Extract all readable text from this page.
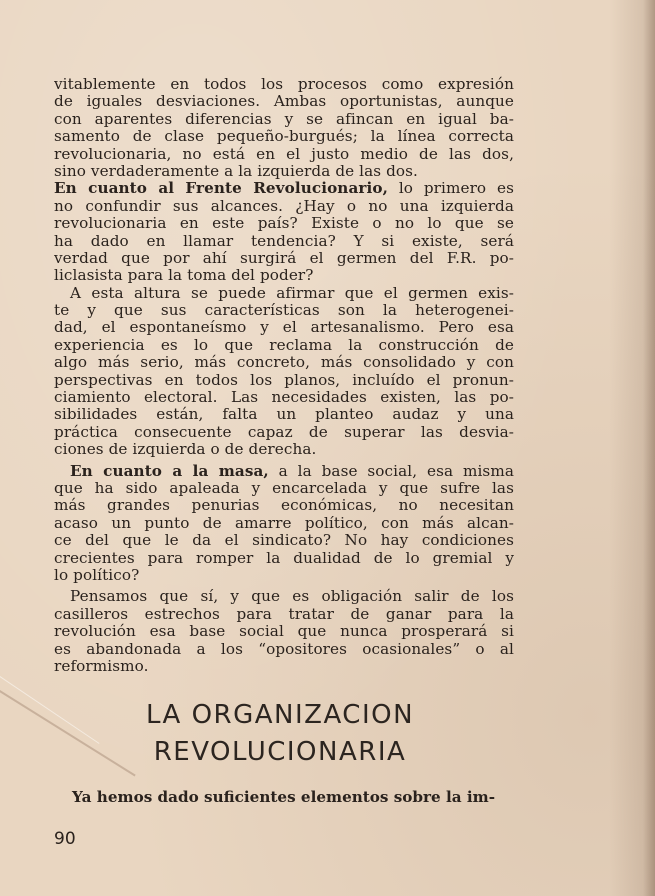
vitablemente en todos los procesos como expresión
de iguales desviaciones. Ambas oportunistas, aunque
con aparentes diferencias y se afincan en igual ba-
samento de clase pequeño-burgués; la línea correcta
revolucionaria, no está en el justo medio de las dos,
sino verdaderamente a la izquierda de las dos.
En cuanto al Frente Revolucionario, lo primero es
no confundir sus alcances. ¿Hay o no una izquierda
revolucionaria en este país? Existe o no lo que se
ha dado en llamar tendencia? Y si existe, será
verdad que por ahí surgirá el germen del F.R. po-
liclasista para la toma del poder?
A esta altura se puede afirmar que el germen exis-
te y que sus características son la heterogenei-
dad, el espontaneísmo y el artesanalismo. Pero esa
experiencia es lo que reclama la construcción de
algo más serio, más concreto, más consolidado y con
perspectivas en todos los planos, incluído el pronun-
ciamiento electoral. Las necesidades existen, las po-
sibilidades están, falta un planteo audaz y una
práctica consecuente capaz de superar las desvia-
ciones de izquierda o de derecha.
En cuanto a la masa, a la base social, esa misma
que ha sido apaleada y encarcelada y que sufre las
más grandes penurias económicas, no necesitan
acaso un punto de amarre político, con más alcan-
ce del que le da el sindicato? No hay condiciones
crecientes para romper la dualidad de lo gremial y
lo político?
Pensamos que sí, y que es obligación salir de los
casilleros estrechos para tratar de ganar para la
revolución esa base social que nunca prosperará si
es abandonada a los “opositores ocasionales” o al
reformismo.
LA ORGANIZACION
REVOLUCIONARIA

Ya hemos dado suficientes elementos sobre la im-

90
